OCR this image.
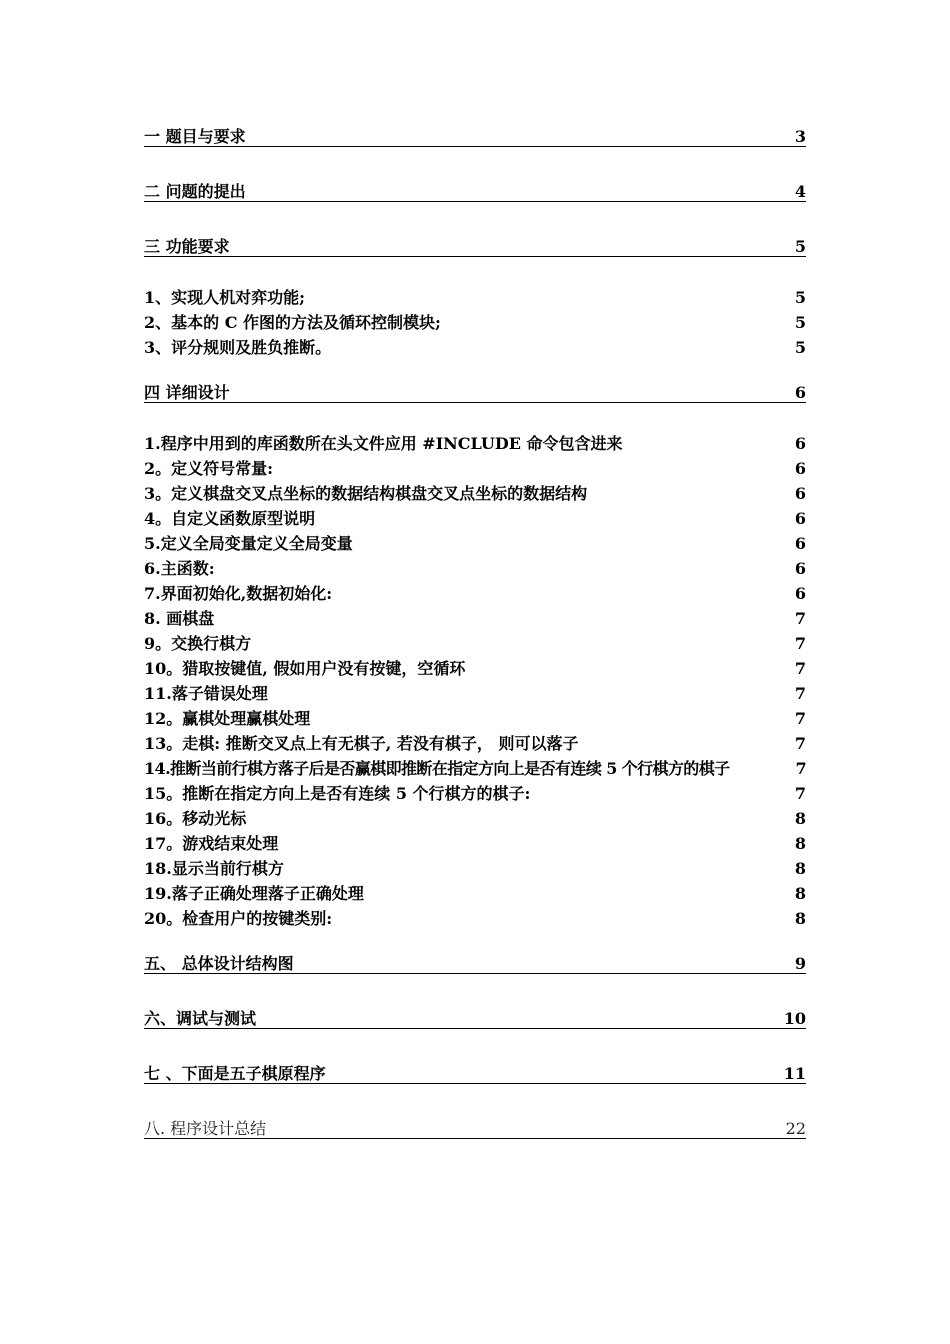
一 题目与要求	3
二 问题的提出	4
三 功能要求	5
1、实现人机对弈功能;	5
2、基本的 C 作图的方法及循环控制模块;	5
3、评分规则及胜负推断。	5
四 详细设计	6
1.程序中用到的库函数所在头文件应用 #INCLUDE 命令包含进来	6
2。定义符号常量:	6
3。定义棋盘交叉点坐标的数据结构棋盘交叉点坐标的数据结构	6
4。自定义函数原型说明	6
5.定义全局变量定义全局变量	6
6.主函数:	6
7.界面初始化,数据初始化:	6
8. 画棋盘	7
9。交换行棋方	7
10。猎取按键值, 假如用户没有按键，空循环	7
11.落子错误处理	7
12。赢棋处理赢棋处理	7
13。走棋: 推断交叉点上有无棋子, 若没有棋子， 则可以落子	7
14.推断当前行棋方落子后是否赢棋即推断在指定方向上是否有连续 5 个行棋方的棋子	7
15。推断在指定方向上是否有连续 5 个行棋方的棋子:	7
16。移动光标	8
17。游戏结束处理	8
18.显示当前行棋方	8
19.落子正确处理落子正确处理	8
20。检查用户的按键类别:	8
五、 总体设计结构图	9
六、调试与测试	10
七 、下面是五子棋原程序	11
八. 程序设计总结	22
